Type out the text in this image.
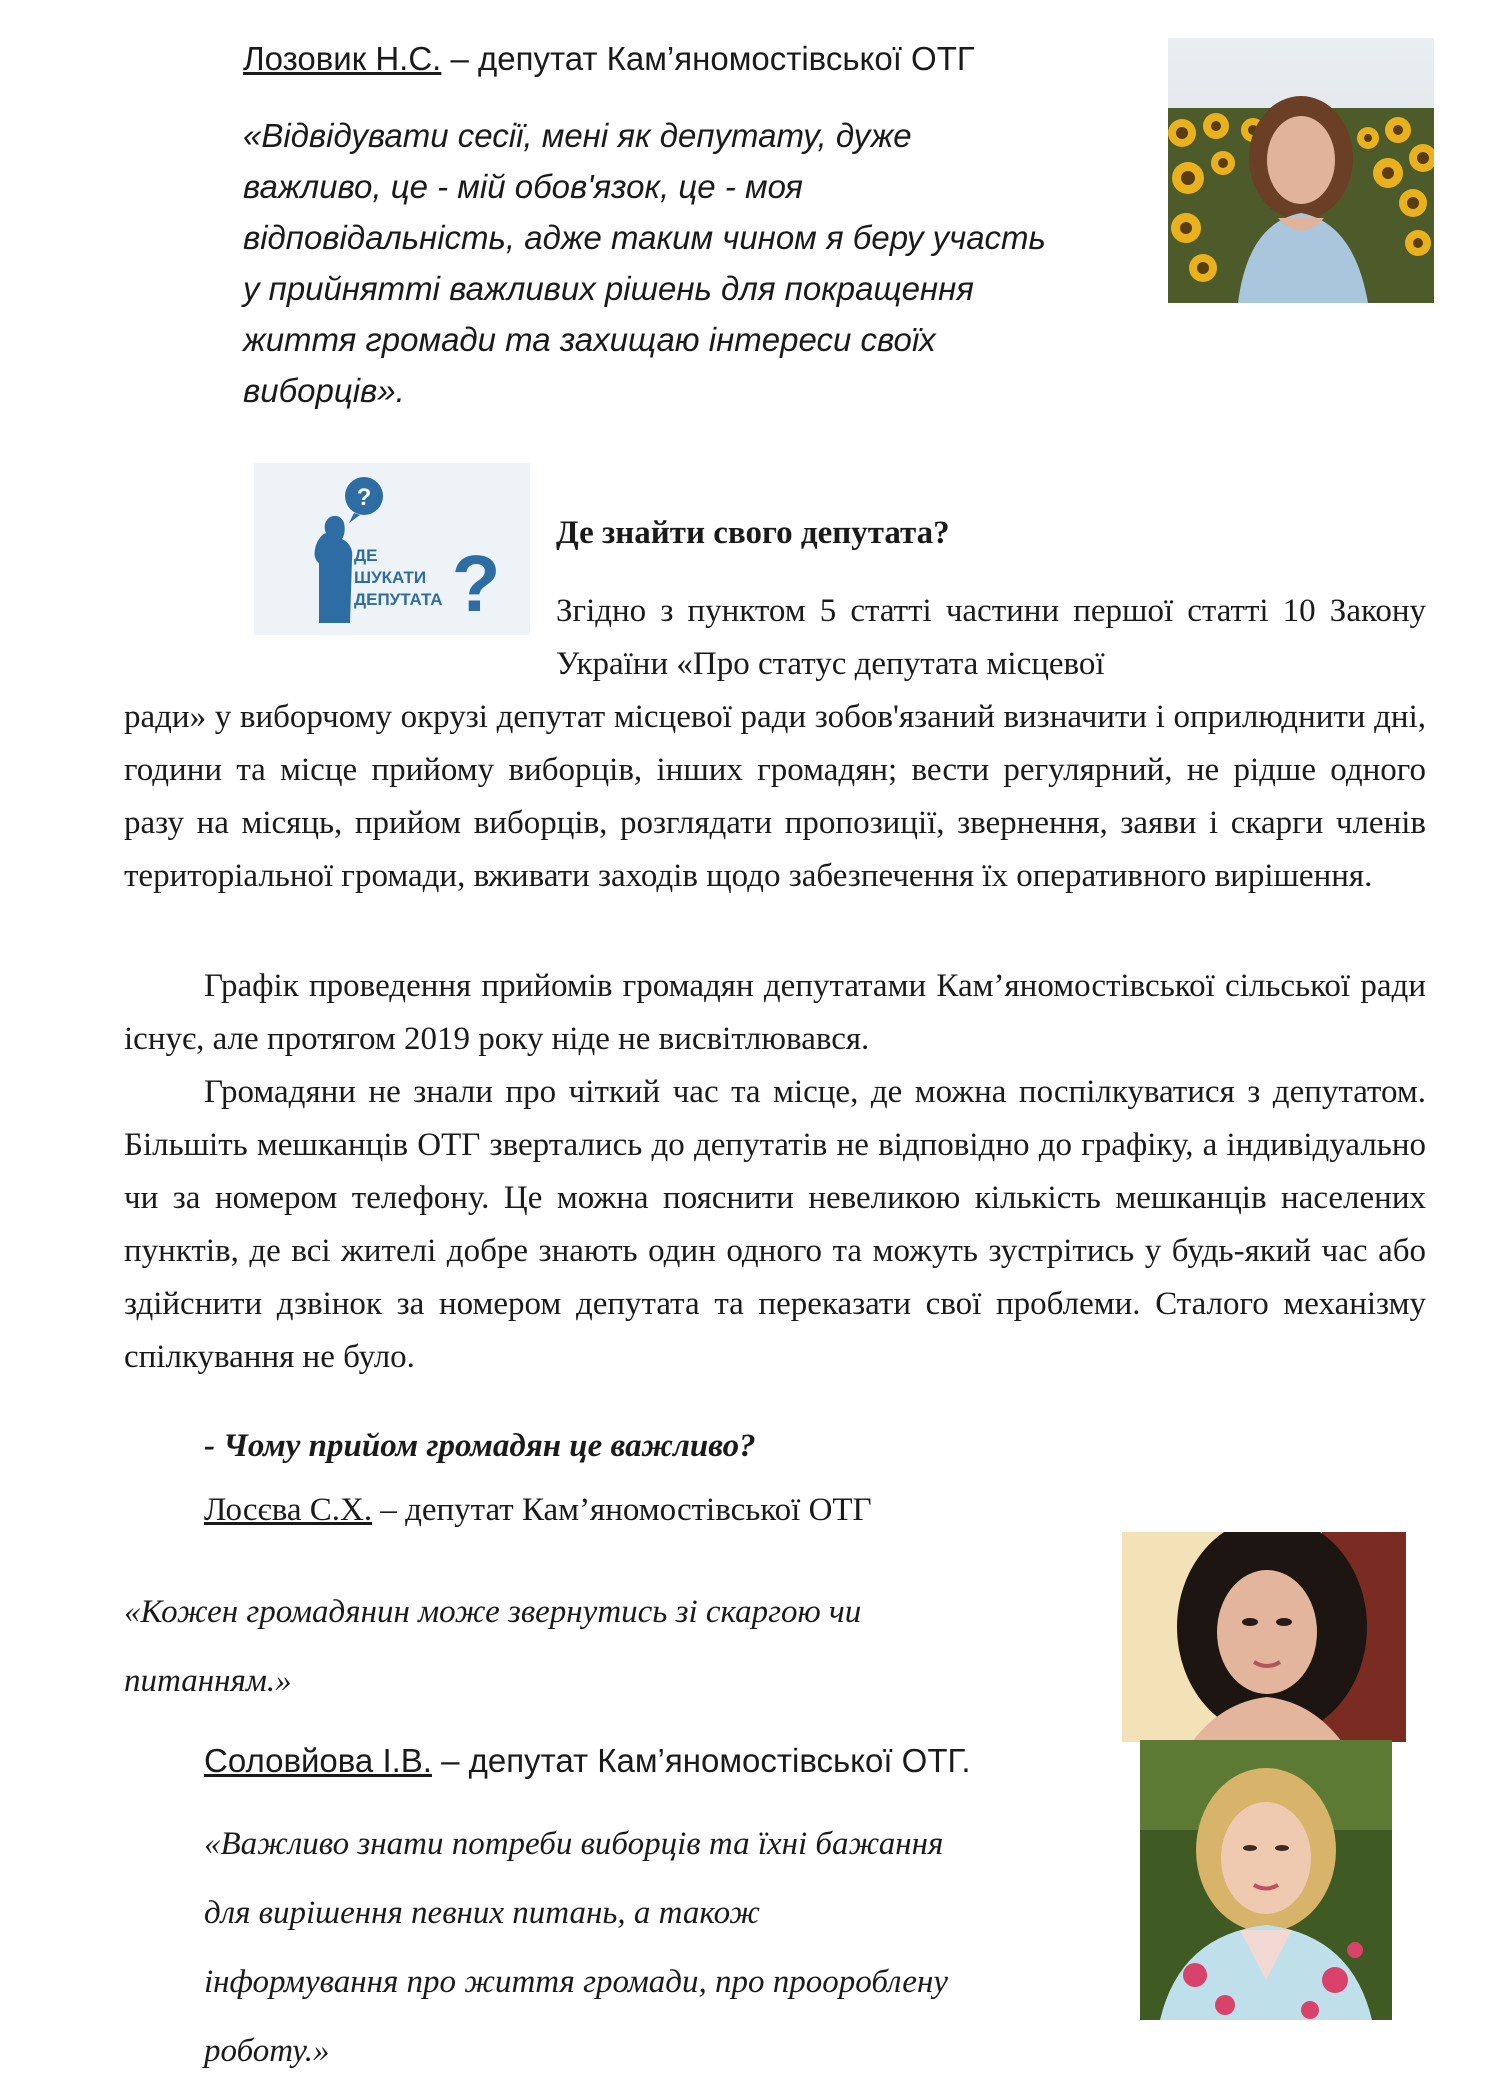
Лозовик Н.С. – депутат Кам’яномостівської ОТГ
«Відвідувати сесії, мені як депутату, дуже
важливо, це - мій обов'язок, це - моя
відповідальність, адже таким чином я беру участь
у прийнятті важливих рішень для покращення
життя громади та захищаю інтереси своїх
виборців».
?
ДЕ
ШУКАТИ
ДЕПУТАТА ?
Де знайти свого депутата?
Згідно з пунктом 5 статті частини першої статті 10 Закону України «Про статус депутата місцевої
ради» у виборчому окрузі депутат місцевої ради зобов'язаний визначити і оприлюднити дні, години та місце прийому виборців, інших громадян; вести регулярний, не рідше одного разу на місяць, прийом виборців, розглядати пропозиції, звернення, заяви і скарги членів територіальної громади, вживати заходів щодо забезпечення їх оперативного вирішення.
Графік проведення прийомів громадян депутатами Кам’яномостівської сільської ради існує, але протягом 2019 року ніде не висвітлювався.
Громадяни не знали про чіткий час та місце, де можна поспілкуватися з депутатом. Більшіть мешканців ОТГ звертались до депутатів не відповідно до графіку, а індивідуально чи за номером телефону. Це можна пояснити невеликою кількість мешканців населених пунктів, де всі жителі добре знають один одного та можуть зустрітись у будь-який час або здійснити дзвінок за номером депутата та переказати свої проблеми. Сталого механізму спілкування не було.
- Чому прийом громадян це важливо?
Лосєва С.Х. – депутат Кам’яномостівської ОТГ
«Кожен громадянин може звернутись зі скаргою чи
питанням.»
Соловйова І.В. – депутат Кам’яномостівської ОТГ.
«Важливо знати потреби виборців та їхні бажання
для вирішення певних питань, а також
інформування про життя громади, про проороблену
роботу.»
